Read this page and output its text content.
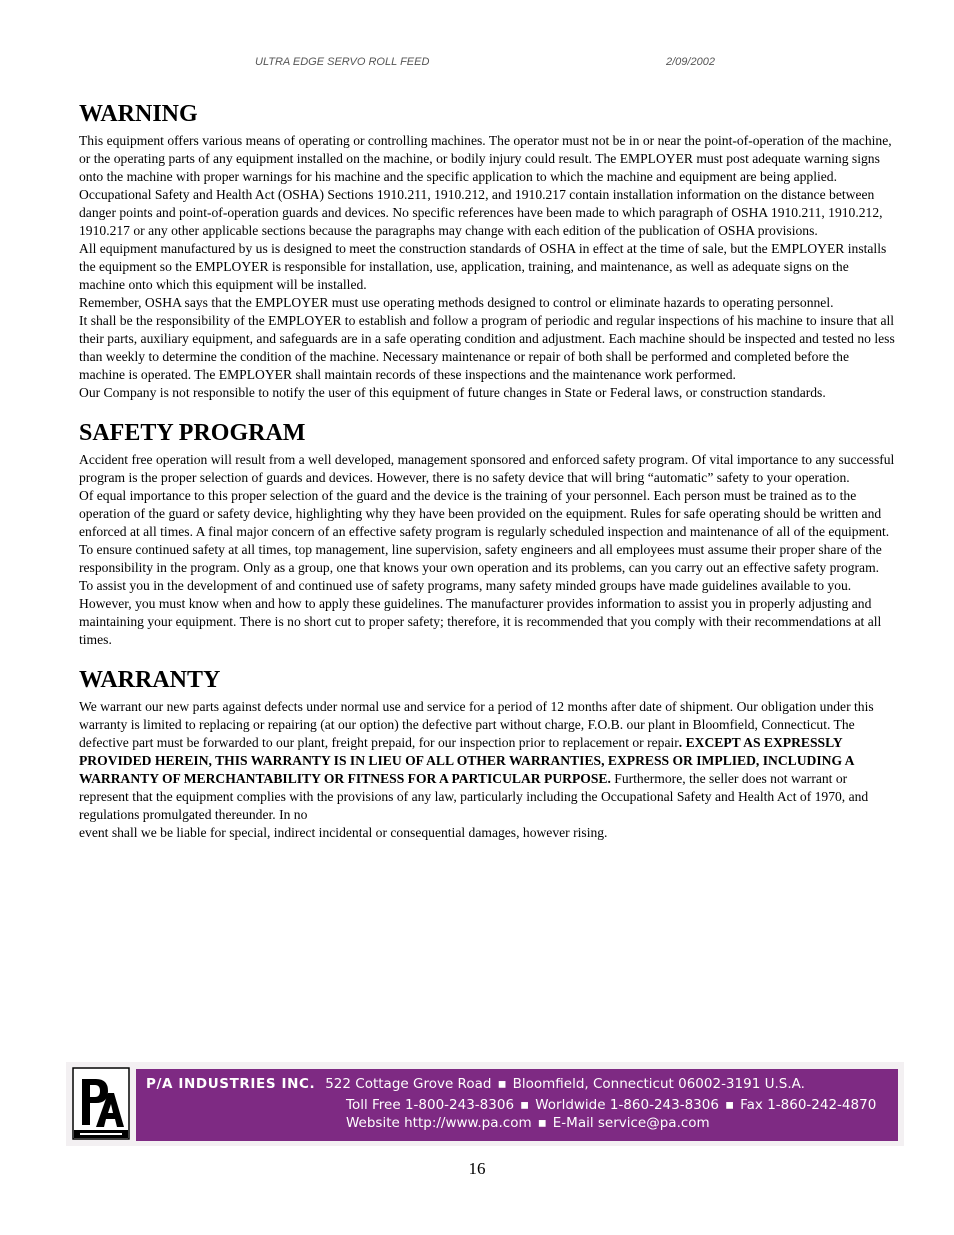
ULTRA EDGE SERVO ROLL FEED	2/09/2002
WARNING

This equipment offers various means of operating or controlling machines. The operator must not be in or near the point-of-operation of the machine, or the operating parts of any equipment installed on the machine, or bodily injury could result. The EMPLOYER must post adequate warning signs onto the machine with proper warnings for his machine and the specific application to which the machine and equipment are being applied.

Occupational Safety and Health Act (OSHA) Sections 1910.211, 1910.212, and 1910.217 contain installation information on the distance between danger points and point-of-operation guards and devices. No specific references have been made to which paragraph of OSHA 1910.211, 1910.212, 1910.217 or any other applicable sections because the paragraphs may change with each edition of the publication of OSHA provisions.

All equipment manufactured by us is designed to meet the construction standards of OSHA in effect at the time of sale, but the EMPLOYER installs the equipment so the EMPLOYER is responsible for installation, use, application, training, and maintenance, as well as adequate signs on the machine onto which this equipment will be installed.

Remember, OSHA says that the EMPLOYER must use operating methods designed to control or eliminate hazards to operating personnel.

It shall be the responsibility of the EMPLOYER to establish and follow a program of periodic and regular inspections of his machine to insure that all their parts, auxiliary equipment, and safeguards are in a safe operating condition and adjustment. Each machine should be inspected and tested no less than weekly to determine the condition of the machine. Necessary maintenance or repair of both shall be performed and completed before the machine is operated. The EMPLOYER shall maintain records of these inspections and the maintenance work performed.

Our Company is not responsible to notify the user of this equipment of future changes in State or Federal laws, or construction standards.

SAFETY PROGRAM

Accident free operation will result from a well developed, management sponsored and enforced safety program. Of vital importance to any successful program is the proper selection of guards and devices. However, there is no safety device that will bring “automatic” safety to your operation.

Of equal importance to this proper selection of the guard and the device is the training of your personnel. Each person must be trained as to the operation of the guard or safety device, highlighting why they have been provided on the equipment. Rules for safe operating should be written and enforced at all times. A final major concern of an effective safety program is regularly scheduled inspection and maintenance of all of the equipment.

To ensure continued safety at all times, top management, line supervision, safety engineers and all employees must assume their proper share of the responsibility in the program. Only as a group, one that knows your own operation and its problems, can you carry out an effective safety program.

To assist you in the development of and continued use of safety programs, many safety minded groups have made guidelines available to you. However, you must know when and how to apply these guidelines. The manufacturer provides information to assist you in properly adjusting and maintaining your equipment. There is no short cut to proper safety; therefore, it is recommended that you comply with their recommendations at all times.

WARRANTY

We warrant our new parts against defects under normal use and service for a period of 12 months after date of shipment. Our obligation under this warranty is limited to replacing or repairing (at our option) the defective part without charge, F.O.B. our plant in Bloomfield, Connecticut. The defective part must be forwarded to our plant, freight prepaid, for our inspection prior to replacement or repair. EXCEPT AS EXPRESSLY PROVIDED HEREIN, THIS WARRANTY IS IN LIEU OF ALL OTHER WARRANTIES, EXPRESS OR IMPLIED, INCLUDING A WARRANTY OF MERCHANTABILITY OR FITNESS FOR A PARTICULAR PURPOSE. Furthermore, the seller does not warrant or represent that the equipment complies with the provisions of any law, particularly including the Occupational Safety and Health Act of 1970, and regulations promulgated thereunder. In no

event shall we be liable for special, indirect incidental or consequential damages, however rising.

P/A INDUSTRIES INC. 522 Cottage Grove Road ▪ Bloomfield, Connecticut 06002-3191 U.S.A.
Toll Free 1-800-243-8306 ▪ Worldwide 1-860-243-8306 ▪ Fax 1-860-242-4870
Website http://www.pa.com ▪ E-Mail service@pa.com
16
